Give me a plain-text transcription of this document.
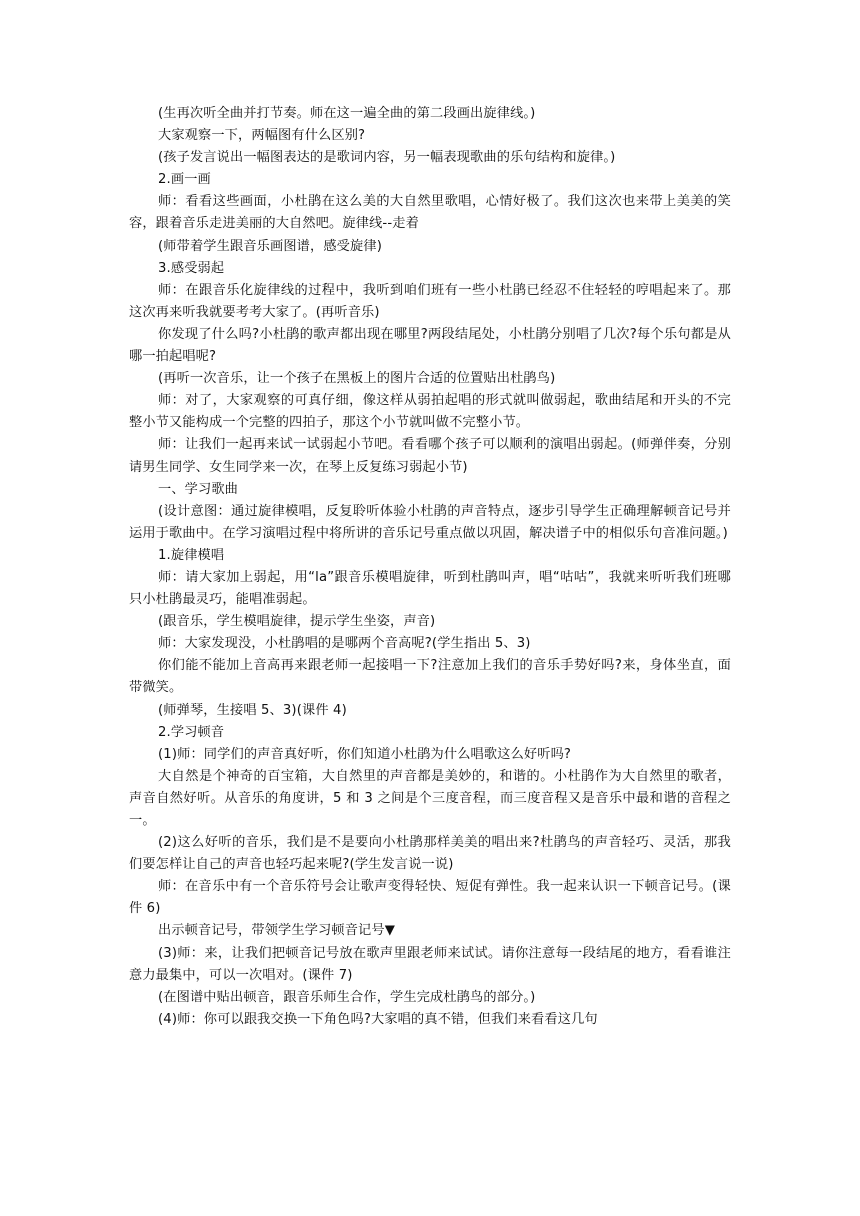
(生再次听全曲并打节奏。师在这一遍全曲的第二段画出旋律线。)

大家观察一下，两幅图有什么区别?

(孩子发言说出一幅图表达的是歌词内容，另一幅表现歌曲的乐句结构和旋律。)

2.画一画

师：看看这些画面，小杜鹃在这么美的大自然里歌唱，心情好极了。我们这次也来带上美美的笑容，跟着音乐走进美丽的大自然吧。旋律线--走着

(师带着学生跟音乐画图谱，感受旋律)

3.感受弱起

师：在跟音乐化旋律线的过程中，我听到咱们班有一些小杜鹃已经忍不住轻轻的哼唱起来了。那这次再来听我就要考考大家了。(再听音乐)

你发现了什么吗?小杜鹃的歌声都出现在哪里?两段结尾处，小杜鹃分别唱了几次?每个乐句都是从哪一拍起唱呢?

(再听一次音乐，让一个孩子在黑板上的图片合适的位置贴出杜鹃鸟)

师：对了，大家观察的可真仔细，像这样从弱拍起唱的形式就叫做弱起，歌曲结尾和开头的不完整小节又能构成一个完整的四拍子，那这个小节就叫做不完整小节。

师：让我们一起再来试一试弱起小节吧。看看哪个孩子可以顺利的演唱出弱起。(师弹伴奏，分别请男生同学、女生同学来一次，在琴上反复练习弱起小节)

一、学习歌曲

(设计意图：通过旋律模唱，反复聆听体验小杜鹃的声音特点，逐步引导学生正确理解顿音记号并运用于歌曲中。在学习演唱过程中将所讲的音乐记号重点做以巩固，解决谱子中的相似乐句音准问题。)

1.旋律模唱

师：请大家加上弱起，用“la”跟音乐模唱旋律，听到杜鹃叫声，唱“咕咕”，我就来听听我们班哪只小杜鹃最灵巧，能唱准弱起。

(跟音乐，学生模唱旋律，提示学生坐姿，声音)

师：大家发现没，小杜鹃唱的是哪两个音高呢?(学生指出 5、3)

你们能不能加上音高再来跟老师一起接唱一下?注意加上我们的音乐手势好吗?来，身体坐直，面带微笑。

(师弹琴，生接唱 5、3)(课件 4)

2.学习顿音

(1)师：同学们的声音真好听，你们知道小杜鹃为什么唱歌这么好听吗?

大自然是个神奇的百宝箱，大自然里的声音都是美妙的，和谐的。小杜鹃作为大自然里的歌者，声音自然好听。从音乐的角度讲，5 和 3 之间是个三度音程，而三度音程又是音乐中最和谐的音程之一。

(2)这么好听的音乐，我们是不是要向小杜鹃那样美美的唱出来?杜鹃鸟的声音轻巧、灵活，那我们要怎样让自己的声音也轻巧起来呢?(学生发言说一说)

师：在音乐中有一个音乐符号会让歌声变得轻快、短促有弹性。我一起来认识一下顿音记号。(课件 6)

出示顿音记号，带领学生学习顿音记号▼

(3)师：来，让我们把顿音记号放在歌声里跟老师来试试。请你注意每一段结尾的地方，看看谁注意力最集中，可以一次唱对。(课件 7)

(在图谱中贴出顿音，跟音乐师生合作，学生完成杜鹃鸟的部分。)

(4)师：你可以跟我交换一下角色吗?大家唱的真不错，但我们来看看这几句
